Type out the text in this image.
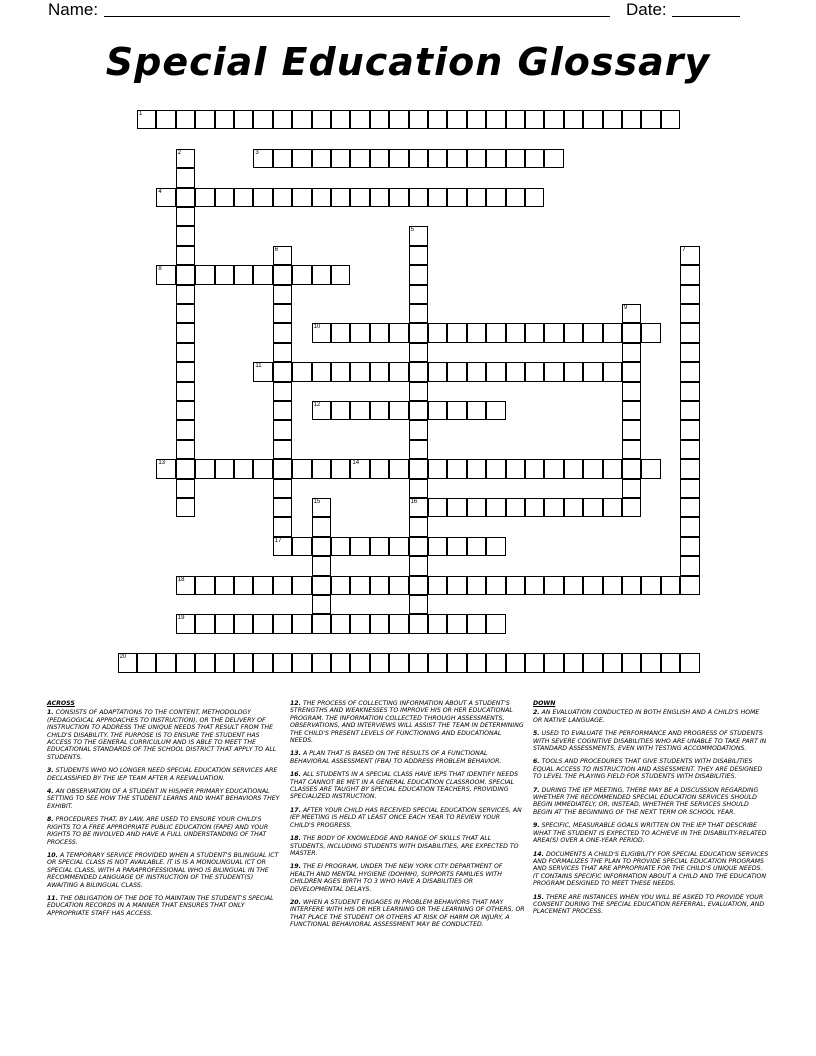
Name:	Date:
Special Education Glossary
1
2	3
4
5
16
6	7
8
9
10
11
12
13	14
15
17
18
19
20

ACROSS

1. CONSISTS OF ADAPTATIONS TO THE CONTENT, METHODOLOGY (PEDAGOGICAL APPROACHES TO INSTRUCTION), OR THE DELIVERY OF INSTRUCTION TO ADDRESS THE UNIQUE NEEDS THAT RESULT FROM THE CHILD'S DISABILITY. THE PURPOSE IS TO ENSURE THE STUDENT HAS ACCESS TO THE GENERAL CURRICULUM AND IS ABLE TO MEET THE EDUCATIONAL STANDARDS OF THE SCHOOL DISTRICT THAT APPLY TO ALL STUDENTS.

3. STUDENTS WHO NO LONGER NEED SPECIAL EDUCATION SERVICES ARE DECLASSIFIED BY THE IEP TEAM AFTER A REEVALUATION.

4. AN OBSERVATION OF A STUDENT IN HIS/HER PRIMARY EDUCATIONAL SETTING TO SEE HOW THE STUDENT LEARNS AND WHAT BEHAVIORS THEY EXHIBIT.

8. PROCEDURES THAT, BY LAW, ARE USED TO ENSURE YOUR CHILD'S RIGHTS TO A FREE APPROPRIATE PUBLIC EDUCATION (FAPE) AND YOUR RIGHTS TO BE INVOLVED AND HAVE A FULL UNDERSTANDING OF THAT PROCESS.

10. A TEMPORARY SERVICE PROVIDED WHEN A STUDENT'S BILINGUAL ICT OR SPECIAL CLASS IS NOT AVAILABLE. IT IS IS A MONOLINGUAL ICT OR SPECIAL CLASS, WITH A PARAPROFESSIONAL WHO IS BILINGUAL IN THE RECOMMENDED LANGUAGE OF INSTRUCTION OF THE STUDENT(S) AWAITING A BILINGUAL CLASS.

11. THE OBLIGATION OF THE DOE TO MAINTAIN THE STUDENT'S SPECIAL EDUCATION RECORDS IN A MANNER THAT ENSURES THAT ONLY APPROPRIATE STAFF HAS ACCESS.

12. THE PROCESS OF COLLECTING INFORMATION ABOUT A STUDENT'S STRENGTHS AND WEAKNESSES TO IMPROVE HIS OR HER EDUCATIONAL PROGRAM. THE INFORMATION COLLECTED THROUGH ASSESSMENTS, OBSERVATIONS, AND INTERVIEWS WILL ASSIST THE TEAM IN DETERMINING THE CHILD'S PRESENT LEVELS OF FUNCTIONING AND EDUCATIONAL NEEDS.

13. A PLAN THAT IS BASED ON THE RESULTS OF A FUNCTIONAL BEHAVIORAL ASSESSMENT (FBA) TO ADDRESS PROBLEM BEHAVIOR.

16. ALL STUDENTS IN A SPECIAL CLASS HAVE IEPS THAT IDENTIFY NEEDS THAT CANNOT BE MET IN A GENERAL EDUCATION CLASSROOM. SPECIAL CLASSES ARE TAUGHT BY SPECIAL EDUCATION TEACHERS, PROVIDING SPECIALIZED INSTRUCTION.

17. AFTER YOUR CHILD HAS RECEIVED SPECIAL EDUCATION SERVICES, AN IEP MEETING IS HELD AT LEAST ONCE EACH YEAR TO REVIEW YOUR CHILD'S PROGRESS.

18. THE BODY OF KNOWLEDGE AND RANGE OF SKILLS THAT ALL STUDENTS, INCLUDING STUDENTS WITH DISABILITIES, ARE EXPECTED TO MASTER.

19. THE EI PROGRAM, UNDER THE NEW YORK CITY DEPARTMENT OF HEALTH AND MENTAL HYGIENE (DOHMH), SUPPORTS FAMILIES WITH CHILDREN AGES BIRTH TO 3 WHO HAVE A DISABILITIES OR DEVELOPMENTAL DELAYS.

20. WHEN A STUDENT ENGAGES IN PROBLEM BEHAVIORS THAT MAY INTERFERE WITH HIS OR HER LEARNING OR THE LEARNING OF OTHERS, OR THAT PLACE THE STUDENT OR OTHERS AT RISK OF HARM OR INJURY, A FUNCTIONAL BEHAVIORAL ASSESSMENT MAY BE CONDUCTED.

DOWN

2. AN EVALUATION CONDUCTED IN BOTH ENGLISH AND A CHILD'S HOME OR NATIVE LANGUAGE.

5. USED TO EVALUATE THE PERFORMANCE AND PROGRESS OF STUDENTS WITH SEVERE COGNITIVE DISABILITIES WHO ARE UNABLE TO TAKE PART IN STANDARD ASSESSMENTS, EVEN WITH TESTING ACCOMMODATIONS.

6. TOOLS AND PROCEDURES THAT GIVE STUDENTS WITH DISABILITIES EQUAL ACCESS TO INSTRUCTION AND ASSESSMENT. THEY ARE DESIGNED TO LEVEL THE PLAYING FIELD FOR STUDENTS WITH DISABILITIES.

7. DURING THE IEP MEETING, THERE MAY BE A DISCUSSION REGARDING WHETHER THE RECOMMENDED SPECIAL EDUCATION SERVICES SHOULD BEGIN IMMEDIATELY, OR, INSTEAD, WHETHER THE SERVICES SHOULD BEGIN AT THE BEGINNING OF THE NEXT TERM OR SCHOOL YEAR.

9. SPECIFIC, MEASURABLE GOALS WRITTEN ON THE IEP THAT DESCRIBE WHAT THE STUDENT IS EXPECTED TO ACHIEVE IN THE DISABILITY-RELATED AREA(S) OVER A ONE-YEAR PERIOD.

14. DOCUMENTS A CHILD'S ELIGIBILITY FOR SPECIAL EDUCATION SERVICES AND FORMALIZES THE PLAN TO PROVIDE SPECIAL EDUCATION PROGRAMS AND SERVICES THAT ARE APPROPRIATE FOR THE CHILD'S UNIQUE NEEDS. IT CONTAINS SPECIFIC INFORMATION ABOUT A CHILD AND THE EDUCATION PROGRAM DESIGNED TO MEET THESE NEEDS.

15. THERE ARE INSTANCES WHEN YOU WILL BE ASKED TO PROVIDE YOUR CONSENT DURING THE SPECIAL EDUCATION REFERRAL, EVALUATION, AND PLACEMENT PROCESS.
